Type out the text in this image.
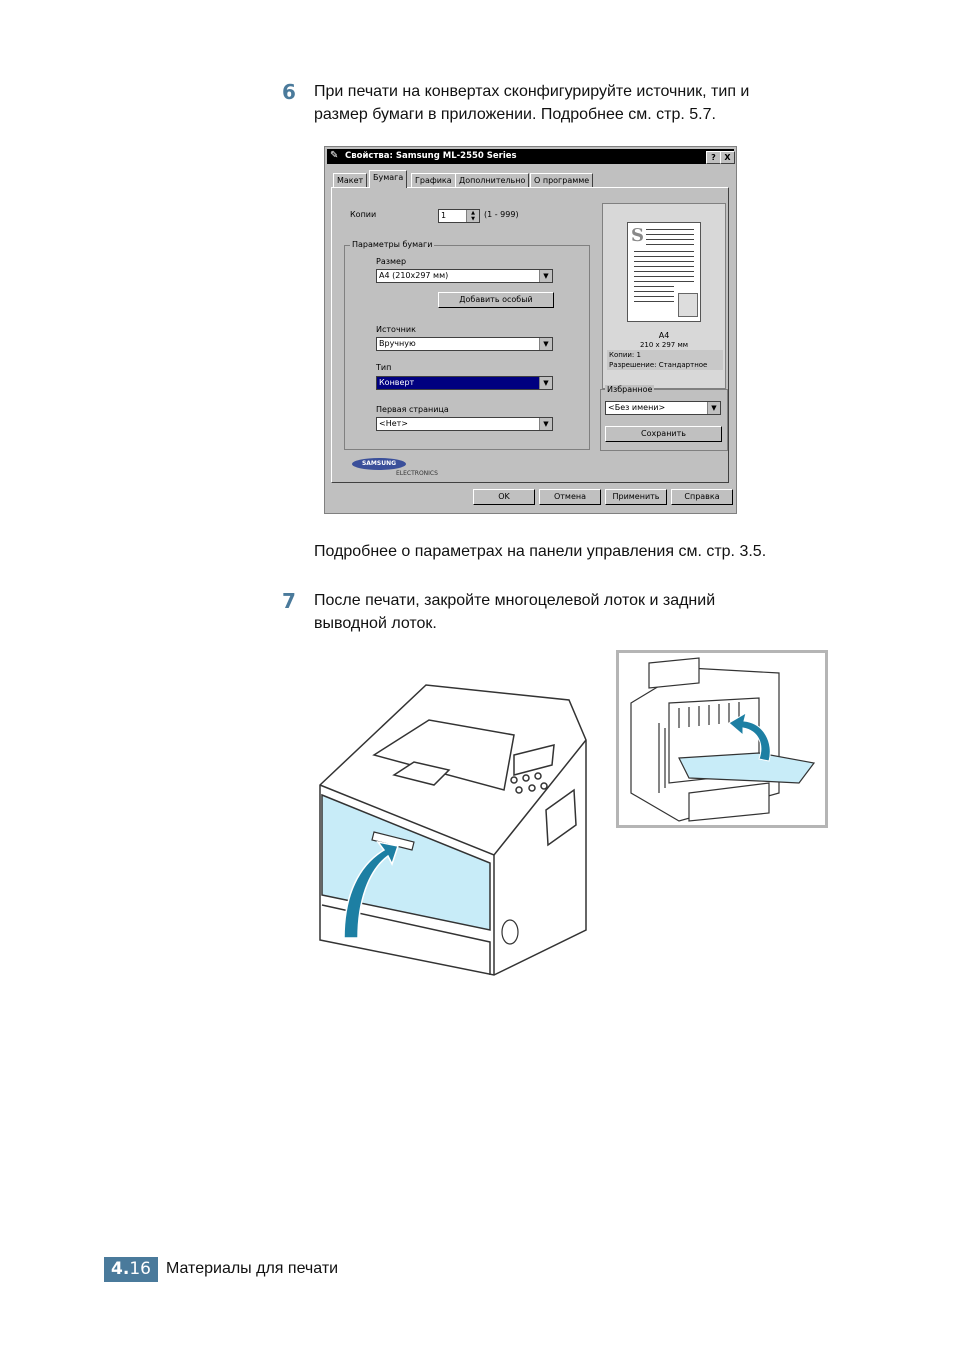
6 При печати на конвертах сконфигурируйте источник, тип и
размер бумаги в приложении. Подробнее см. стр. 5.7.
✎ Свойства: Samsung ML-2550 Series	?	X
Макет	Бумага	Графика Дополнительно	О программе
Копии	1	▲
▼	(1 - 999)
Параметры бумаги
Размер
A4 (210x297 мм)	▼
Добавить особый
Источник
Вручную	▼
Тип
Конверт	▼
Первая страница
<Нет>	▼
S
A4
210 x 297 мм
Копии: 1
Разрешение: Стандартное
Избранное
<Без имени>	▼
Сохранить
SAMSUNG
ELECTRONICS
OK	Отмена	Применить	Справка
Подробнее о параметрах на панели управления см. стр. 3.5.
7 После печати, закройте многоцелевой лоток и задний
выводной лоток.
4.16 Материалы для печати
